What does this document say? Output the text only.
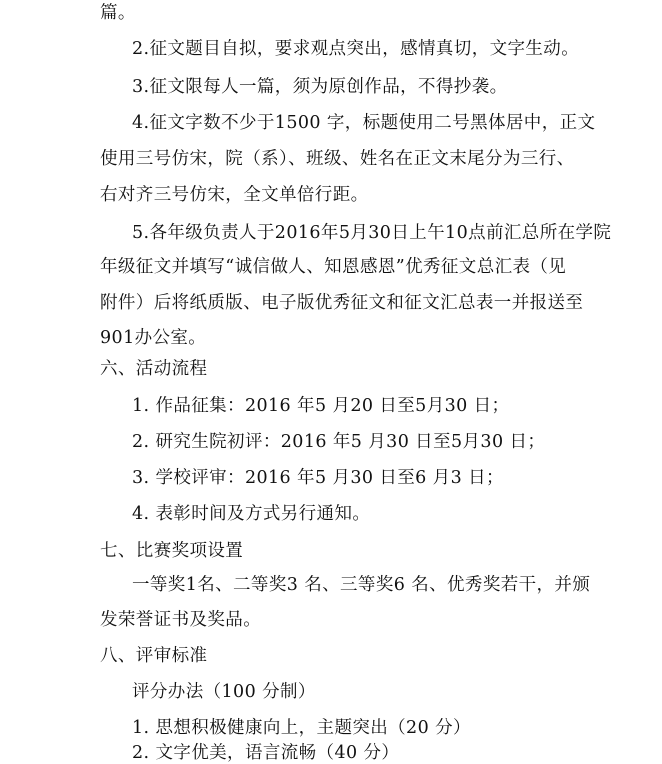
篇。
2.征文题目自拟，要求观点突出，感情真切，文字生动。
3.征文限每人一篇，须为原创作品，不得抄袭。
4.征文字数不少于1500 字，标题使用二号黑体居中，正文
使用三号仿宋，院（系）、班级、姓名在正文末尾分为三行、
右对齐三号仿宋，全文单倍行距。
5.各年级负责人于2016年5月30日上午10点前汇总所在学院
年级征文并填写“诚信做人、知恩感恩”优秀征文总汇表（见
附件）后将纸质版、电子版优秀征文和征文汇总表一并报送至
901办公室。
六、活动流程
1. 作品征集：2016 年5 月20 日至5月30 日；
2. 研究生院初评：2016 年5 月30 日至5月30 日；
3. 学校评审：2016 年5 月30 日至6 月3 日；
4. 表彰时间及方式另行通知。
七、比赛奖项设置
一等奖1名、二等奖3 名、三等奖6 名、优秀奖若干，并颁
发荣誉证书及奖品。
八、评审标准
评分办法（100 分制）
1. 思想积极健康向上，主题突出（20 分）
2. 文字优美，语言流畅（40 分）
